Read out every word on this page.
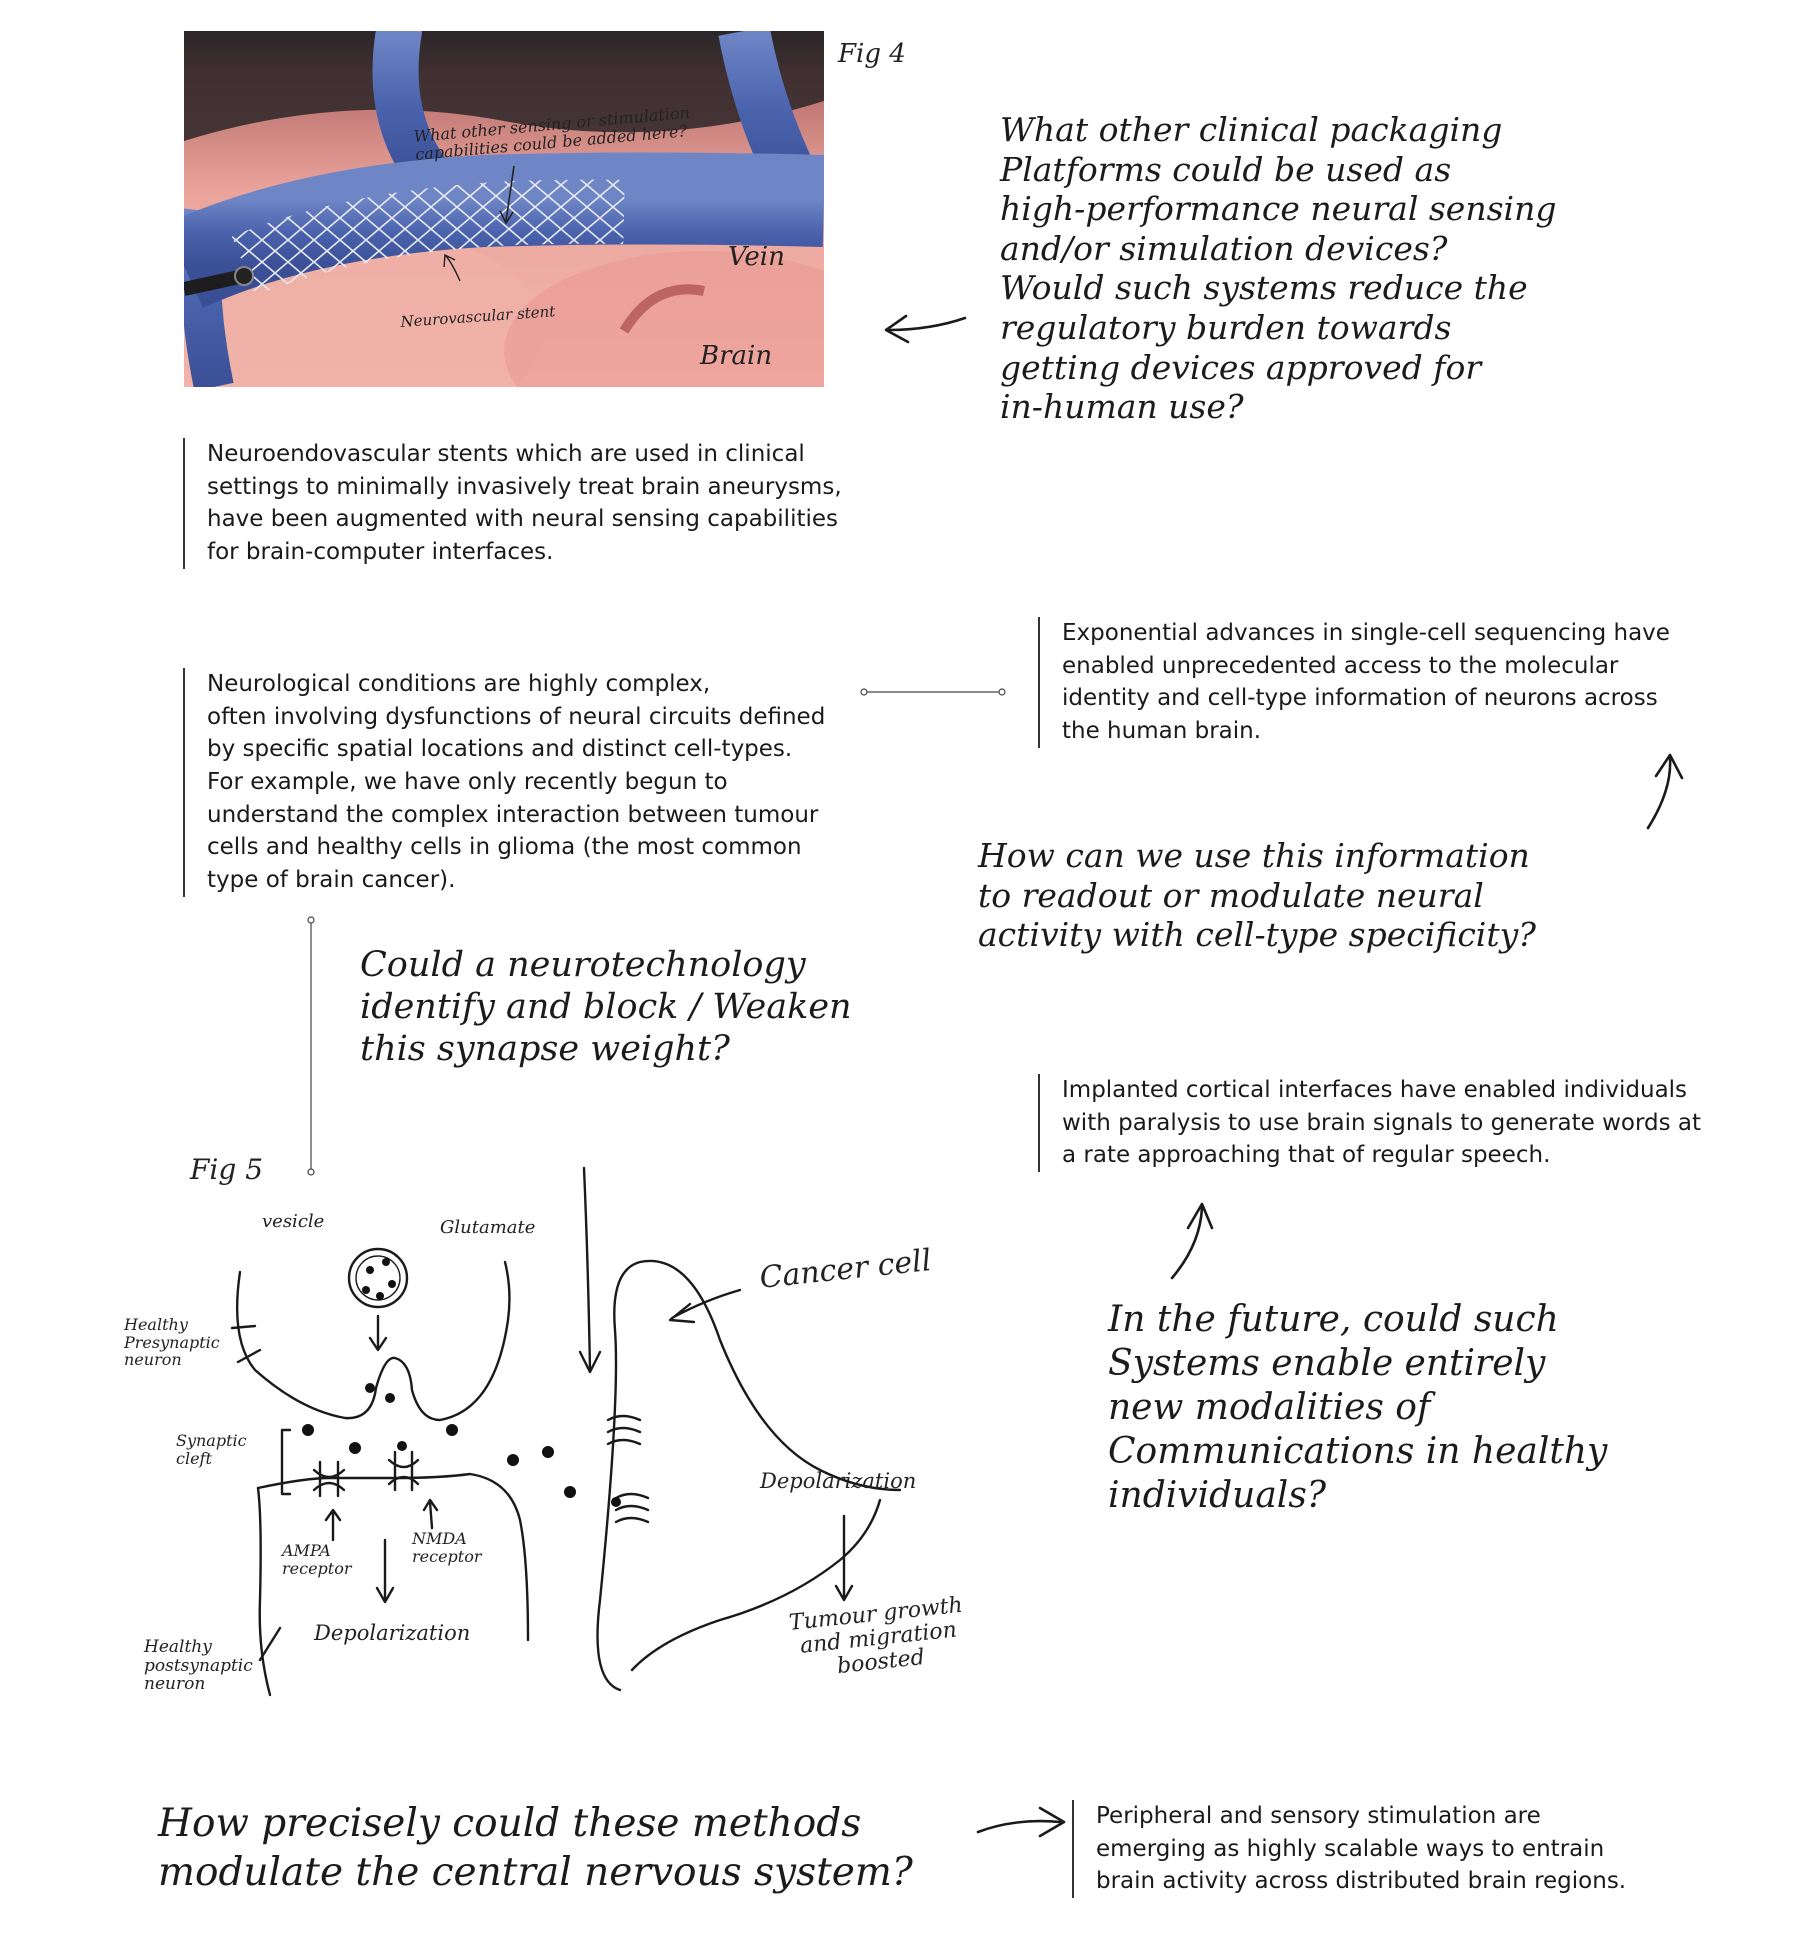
What other sensing or stimulation
capabilities could be added here?
Vein
Neurovascular stent
Brain
Fig 4
What other clinical packaging
Platforms could be used as
high-performance neural sensing
and/or simulation devices?
Would such systems reduce the
regulatory burden towards
getting devices approved for
in-human use?
How can we use this information
to readout or modulate neural
activity with cell-type specificity?
Could a neurotechnology
identify and block / Weaken
this synapse weight?
In the future, could such
Systems enable entirely
new modalities of
Communications in healthy
individuals?
How precisely could these methods
modulate the central nervous system?
Neuroendovascular stents which are used in clinical
settings to minimally invasively treat brain aneurysms,
have been augmented with neural sensing capabilities
for brain-computer interfaces.
Neurological conditions are highly complex,
often involving dysfunctions of neural circuits defined
by specific spatial locations and distinct cell-types.
For example, we have only recently begun to
understand the complex interaction between tumour
cells and healthy cells in glioma (the most common
type of brain cancer).
Exponential advances in single-cell sequencing have
enabled unprecedented access to the molecular
identity and cell-type information of neurons across
the human brain.
Implanted cortical interfaces have enabled individuals
with paralysis to use brain signals to generate words at
a rate approaching that of regular speech.
Peripheral and sensory stimulation are
emerging as highly scalable ways to entrain
brain activity across distributed brain regions.
Fig 5
vesicle	Glutamate
Healthy
Presynaptic
neuron
Synaptic
cleft
AMPA
receptor
NMDA
receptor
Depolarization
Healthy
postsynaptic
neuron
Cancer cell
Depolarization
Tumour growth
and migration
boosted
